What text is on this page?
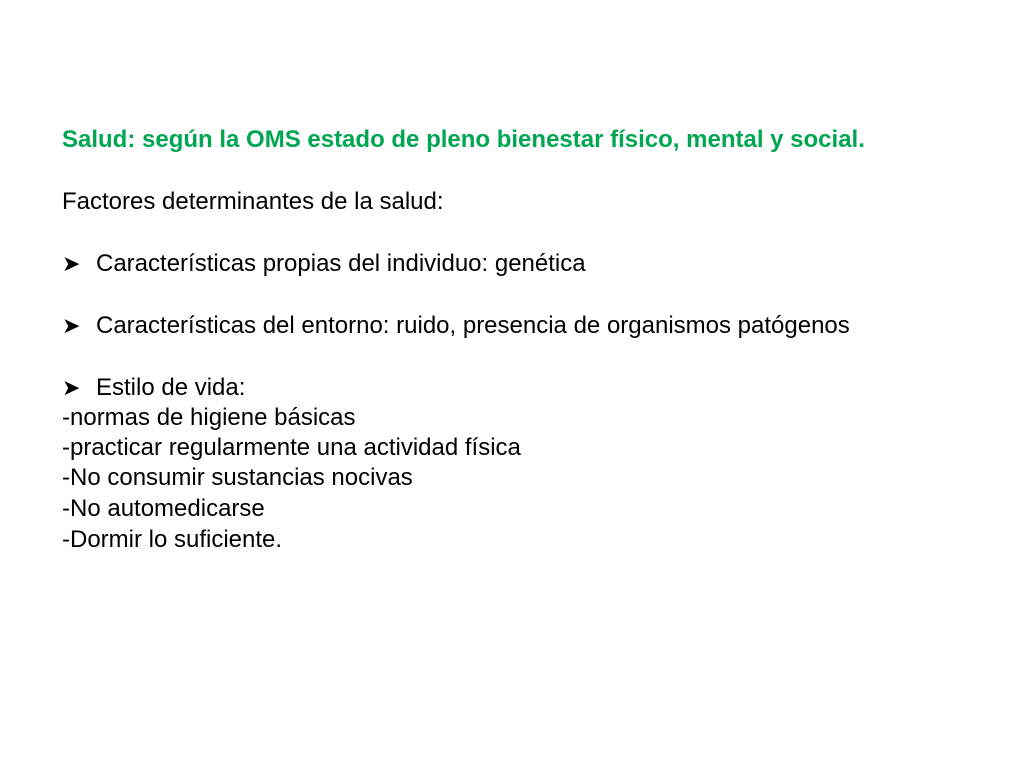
Salud: según la OMS estado de pleno bienestar físico, mental y social.
Factores determinantes de la salud:
➤ Características propias del individuo: genética
➤ Características del entorno: ruido, presencia de organismos patógenos
➤ Estilo de vida:
-normas de higiene básicas
-practicar regularmente una actividad física
-No consumir sustancias nocivas
-No automedicarse
-Dormir lo suficiente.
